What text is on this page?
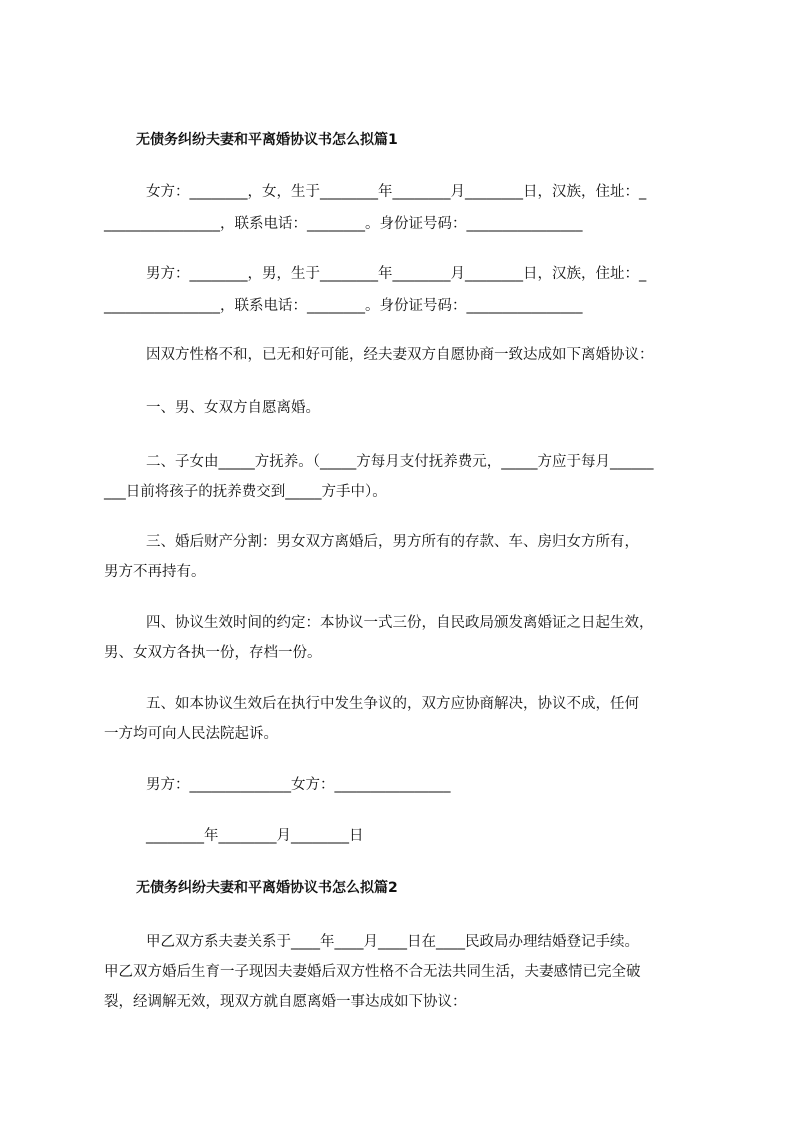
无债务纠纷夫妻和平离婚协议书怎么拟篇1
女方：________，女，生于________年________月________日，汉族，住址：_
________________，联系电话：________。身份证号码：________________
男方：________，男，生于________年________月________日，汉族，住址：_
________________，联系电话：________。身份证号码：________________
因双方性格不和，已无和好可能，经夫妻双方自愿协商一致达成如下离婚协议：
一、男、女双方自愿离婚。
二、子女由_____方抚养。（_____方每月支付抚养费元，_____方应于每月______
___日前将孩子的抚养费交到_____方手中）。
三、婚后财产分割：男女双方离婚后，男方所有的存款、车、房归女方所有，
男方不再持有。
四、协议生效时间的约定：本协议一式三份，自民政局颁发离婚证之日起生效，
男、女双方各执一份，存档一份。
五、如本协议生效后在执行中发生争议的，双方应协商解决，协议不成，任何
一方均可向人民法院起诉。
男方：______________女方：________________
________年________月________日
无债务纠纷夫妻和平离婚协议书怎么拟篇2
甲乙双方系夫妻关系于____年____月____日在____民政局办理结婚登记手续。
甲乙双方婚后生育一子现因夫妻婚后双方性格不合无法共同生活，夫妻感情已完全破
裂，经调解无效，现双方就自愿离婚一事达成如下协议：
